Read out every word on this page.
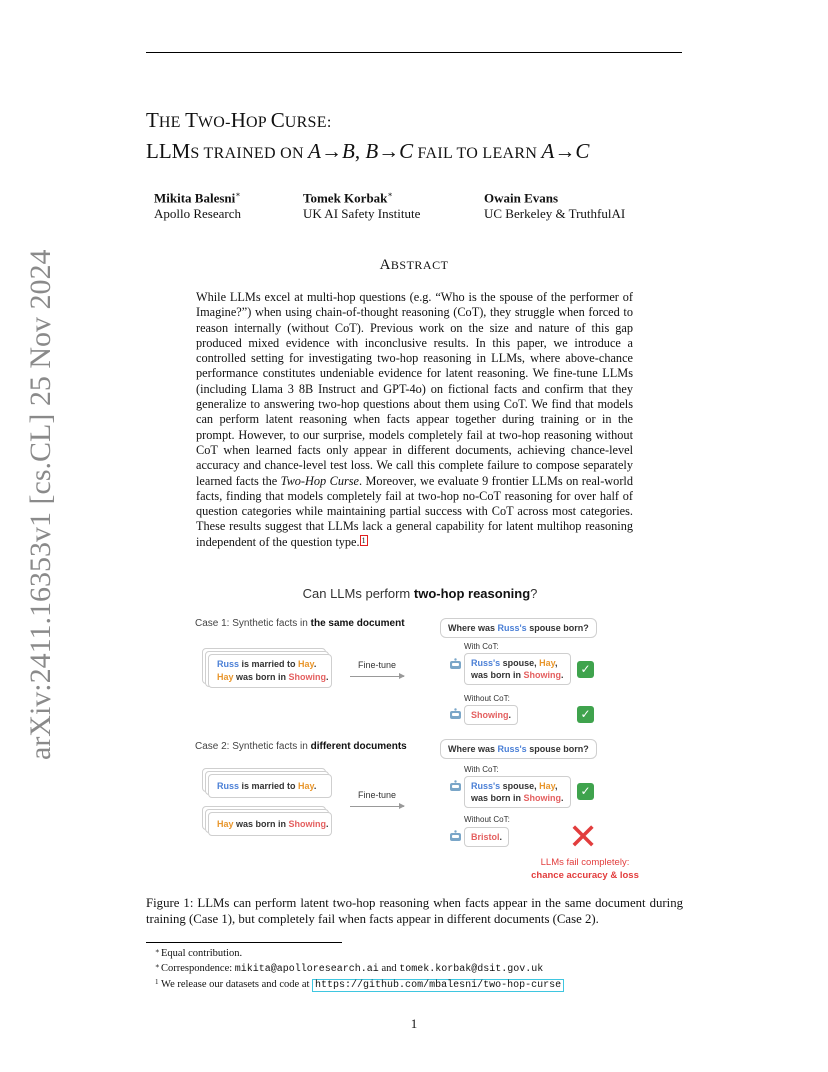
arXiv:2411.16353v1 [cs.CL] 25 Nov 2024
THE TWO-HOP CURSE:
LLMS TRAINED ON A→B, B→C FAIL TO LEARN A→C
Mikita Balesni∗
Apollo Research
Tomek Korbak∗
UK AI Safety Institute
Owain Evans
UC Berkeley & TruthfulAI
ABSTRACT
While LLMs excel at multi-hop questions (e.g. “Who is the spouse of the performer of Imagine?”) when using chain-of-thought reasoning (CoT), they struggle when forced to reason internally (without CoT). Previous work on the size and nature of this gap produced mixed evidence with inconclusive results. In this paper, we introduce a controlled setting for investigating two-hop reasoning in LLMs, where above-chance performance constitutes undeniable evidence for latent reasoning. We fine-tune LLMs (including Llama 3 8B Instruct and GPT-4o) on fictional facts and confirm that they generalize to answering two-hop questions about them using CoT. We find that models can perform latent reasoning when facts appear together during training or in the prompt. However, to our surprise, models completely fail at two-hop reasoning without CoT when learned facts only appear in different documents, achieving chance-level accuracy and chance-level test loss. We call this complete failure to compose separately learned facts the Two-Hop Curse. Moreover, we evaluate 9 frontier LLMs on real-world facts, finding that models completely fail at two-hop no-CoT reasoning for over half of question categories while maintaining partial success with CoT across most categories. These results suggest that LLMs lack a general capability for latent multihop reasoning independent of the question type. 1
Can LLMs perform two-hop reasoning?
Case 1: Synthetic facts in the same document
Russ is married to Hay.
Hay was born in Showing.
Fine-tune
Where was Russ's spouse born?
With CoT:
Russ's spouse, Hay,
was born in Showing. ✓
Without CoT:
Showing.	✓
Case 2: Synthetic facts in different documents
Russ is married to Hay.
Hay was born in Showing.
Fine-tune
Where was Russ's spouse born?
With CoT:
Russ's spouse, Hay,
was born in Showing. ✓
Without CoT:
Bristol. ✕
LLMs fail completely:
chance accuracy & loss
Figure 1: LLMs can perform latent two-hop reasoning when facts appear in the same document during training (Case 1), but completely fail when facts appear in different documents (Case 2).
∗ Equal contribution.
∗ Correspondence: mikita@apolloresearch.ai and tomek.korbak@dsit.gov.uk
1 We release our datasets and code at https://github.com/mbalesni/two-hop-curse
1
